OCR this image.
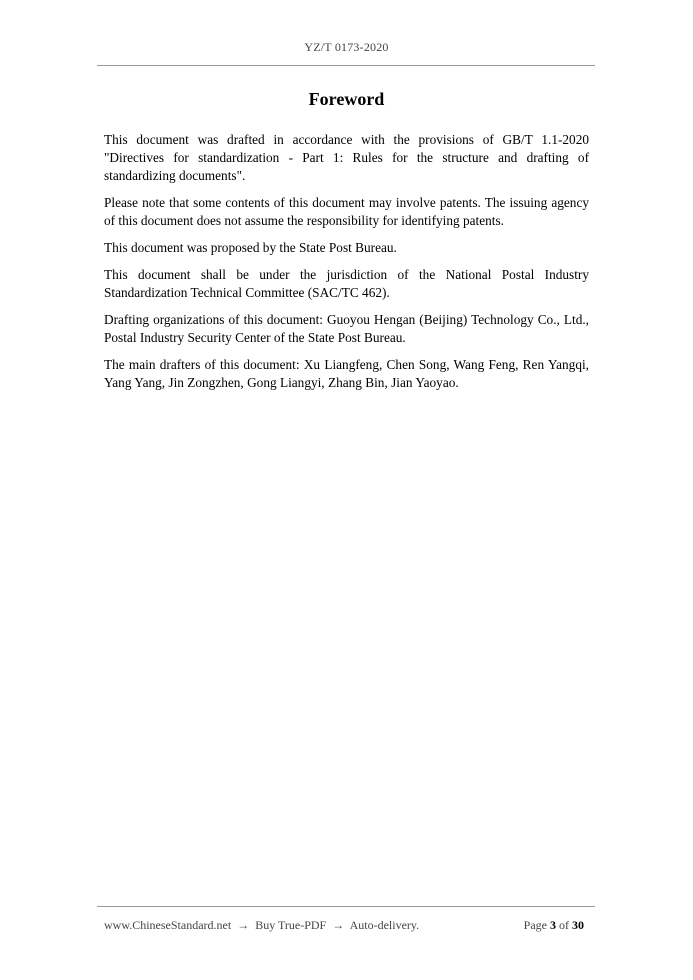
YZ/T 0173-2020
Foreword

This document was drafted in accordance with the provisions of GB/T 1.1-2020 "Directives for standardization - Part 1: Rules for the structure and drafting of standardizing documents".

Please note that some contents of this document may involve patents. The issuing agency of this document does not assume the responsibility for identifying patents.

This document was proposed by the State Post Bureau.

This document shall be under the jurisdiction of the National Postal Industry Standardization Technical Committee (SAC/TC 462).

Drafting organizations of this document: Guoyou Hengan (Beijing) Technology Co., Ltd., Postal Industry Security Center of the State Post Bureau.

The main drafters of this document: Xu Liangfeng, Chen Song, Wang Feng, Ren Yangqi, Yang Yang, Jin Zongzhen, Gong Liangyi, Zhang Bin, Jian Yaoyao.

www.ChineseStandard.net → Buy True-PDF → Auto-delivery.	Page 3 of 30
